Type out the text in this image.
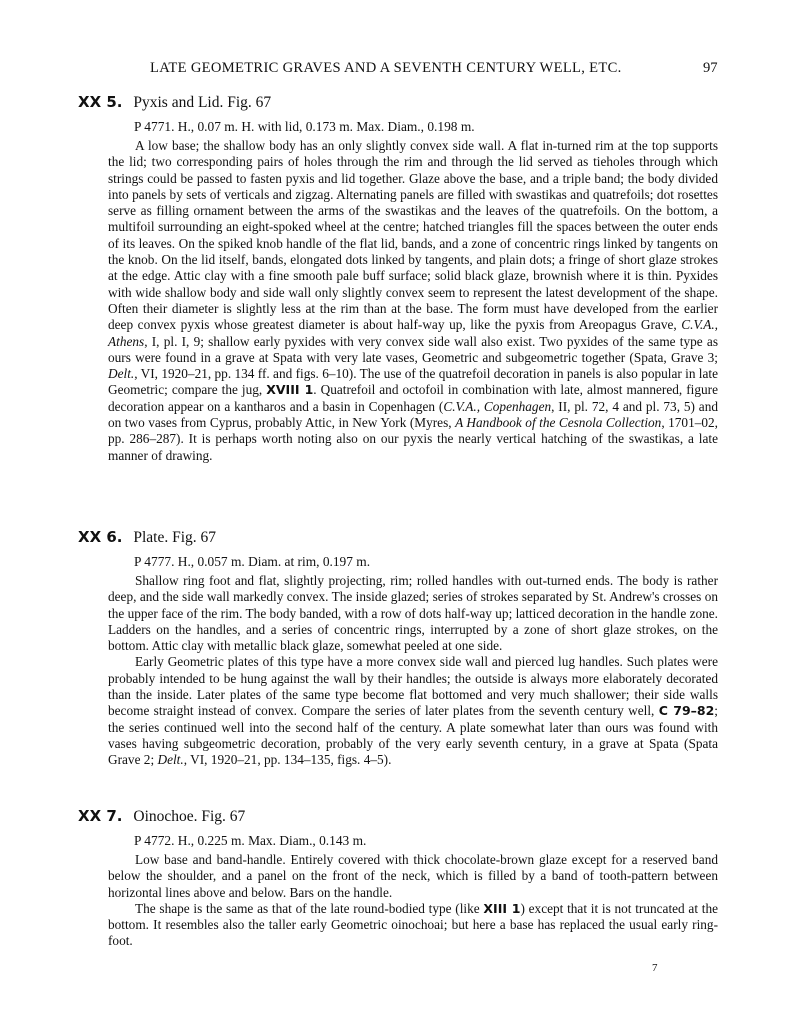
LATE GEOMETRIC GRAVES AND A SEVENTH CENTURY WELL, ETC.	97
XX 5. Pyxis and Lid. Fig. 67
P 4771. H., 0.07 m. H. with lid, 0.173 m. Max. Diam., 0.198 m.

A low base; the shallow body has an only slightly convex side wall. A flat in-turned rim at the top supports the lid; two corresponding pairs of holes through the rim and through the lid served as tieholes through which strings could be passed to fasten pyxis and lid together. Glaze above the base, and a triple band; the body divided into panels by sets of verticals and zigzag. Alternating panels are filled with swastikas and quatrefoils; dot rosettes serve as filling ornament between the arms of the swastikas and the leaves of the quatrefoils. On the bottom, a multifoil surrounding an eight-spoked wheel at the centre; hatched triangles fill the spaces between the outer ends of its leaves. On the spiked knob handle of the flat lid, bands, and a zone of concentric rings linked by tangents on the knob. On the lid itself, bands, elongated dots linked by tangents, and plain dots; a fringe of short glaze strokes at the edge. Attic clay with a fine smooth pale buff surface; solid black glaze, brownish where it is thin. Pyxides with wide shallow body and side wall only slightly convex seem to represent the latest development of the shape. Often their diameter is slightly less at the rim than at the base. The form must have developed from the earlier deep convex pyxis whose greatest diameter is about half-way up, like the pyxis from Areopagus Grave, C.V.A., Athens, I, pl. I, 9; shallow early pyxides with very convex side wall also exist. Two pyxides of the same type as ours were found in a grave at Spata with very late vases, Geometric and subgeometric together (Spata, Grave 3; Delt., VI, 1920–21, pp. 134 ff. and figs. 6–10). The use of the quatrefoil decoration in panels is also popular in late Geometric; compare the jug, XVIII 1. Quatrefoil and octofoil in combination with late, almost mannered, figure decoration appear on a kantharos and a basin in Copenhagen (C.V.A., Copenhagen, II, pl. 72, 4 and pl. 73, 5) and on two vases from Cyprus, probably Attic, in New York (Myres, A Handbook of the Cesnola Collection, 1701–02, pp. 286–287). It is perhaps worth noting also on our pyxis the nearly vertical hatching of the swastikas, a late manner of drawing.

XX 6. Plate. Fig. 67
P 4777. H., 0.057 m. Diam. at rim, 0.197 m.

Shallow ring foot and flat, slightly projecting, rim; rolled handles with out-turned ends. The body is rather deep, and the side wall markedly convex. The inside glazed; series of strokes separated by St. Andrew's crosses on the upper face of the rim. The body banded, with a row of dots half-way up; latticed decoration in the handle zone. Ladders on the handles, and a series of concentric rings, interrupted by a zone of short glaze strokes, on the bottom. Attic clay with metallic black glaze, somewhat peeled at one side.

Early Geometric plates of this type have a more convex side wall and pierced lug handles. Such plates were probably intended to be hung against the wall by their handles; the outside is always more elaborately decorated than the inside. Later plates of the same type become flat bottomed and very much shallower; their side walls become straight instead of convex. Compare the series of later plates from the seventh century well, C 79–82; the series continued well into the second half of the century. A plate somewhat later than ours was found with vases having subgeometric decoration, probably of the very early seventh century, in a grave at Spata (Spata Grave 2; Delt., VI, 1920–21, pp. 134–135, figs. 4–5).

XX 7. Oinochoe. Fig. 67
P 4772. H., 0.225 m. Max. Diam., 0.143 m.

Low base and band-handle. Entirely covered with thick chocolate-brown glaze except for a reserved band below the shoulder, and a panel on the front of the neck, which is filled by a band of tooth-pattern between horizontal lines above and below. Bars on the handle.

The shape is the same as that of the late round-bodied type (like XIII 1) except that it is not truncated at the bottom. It resembles also the taller early Geometric oinochoai; but here a base has replaced the usual early ring-foot.

7
